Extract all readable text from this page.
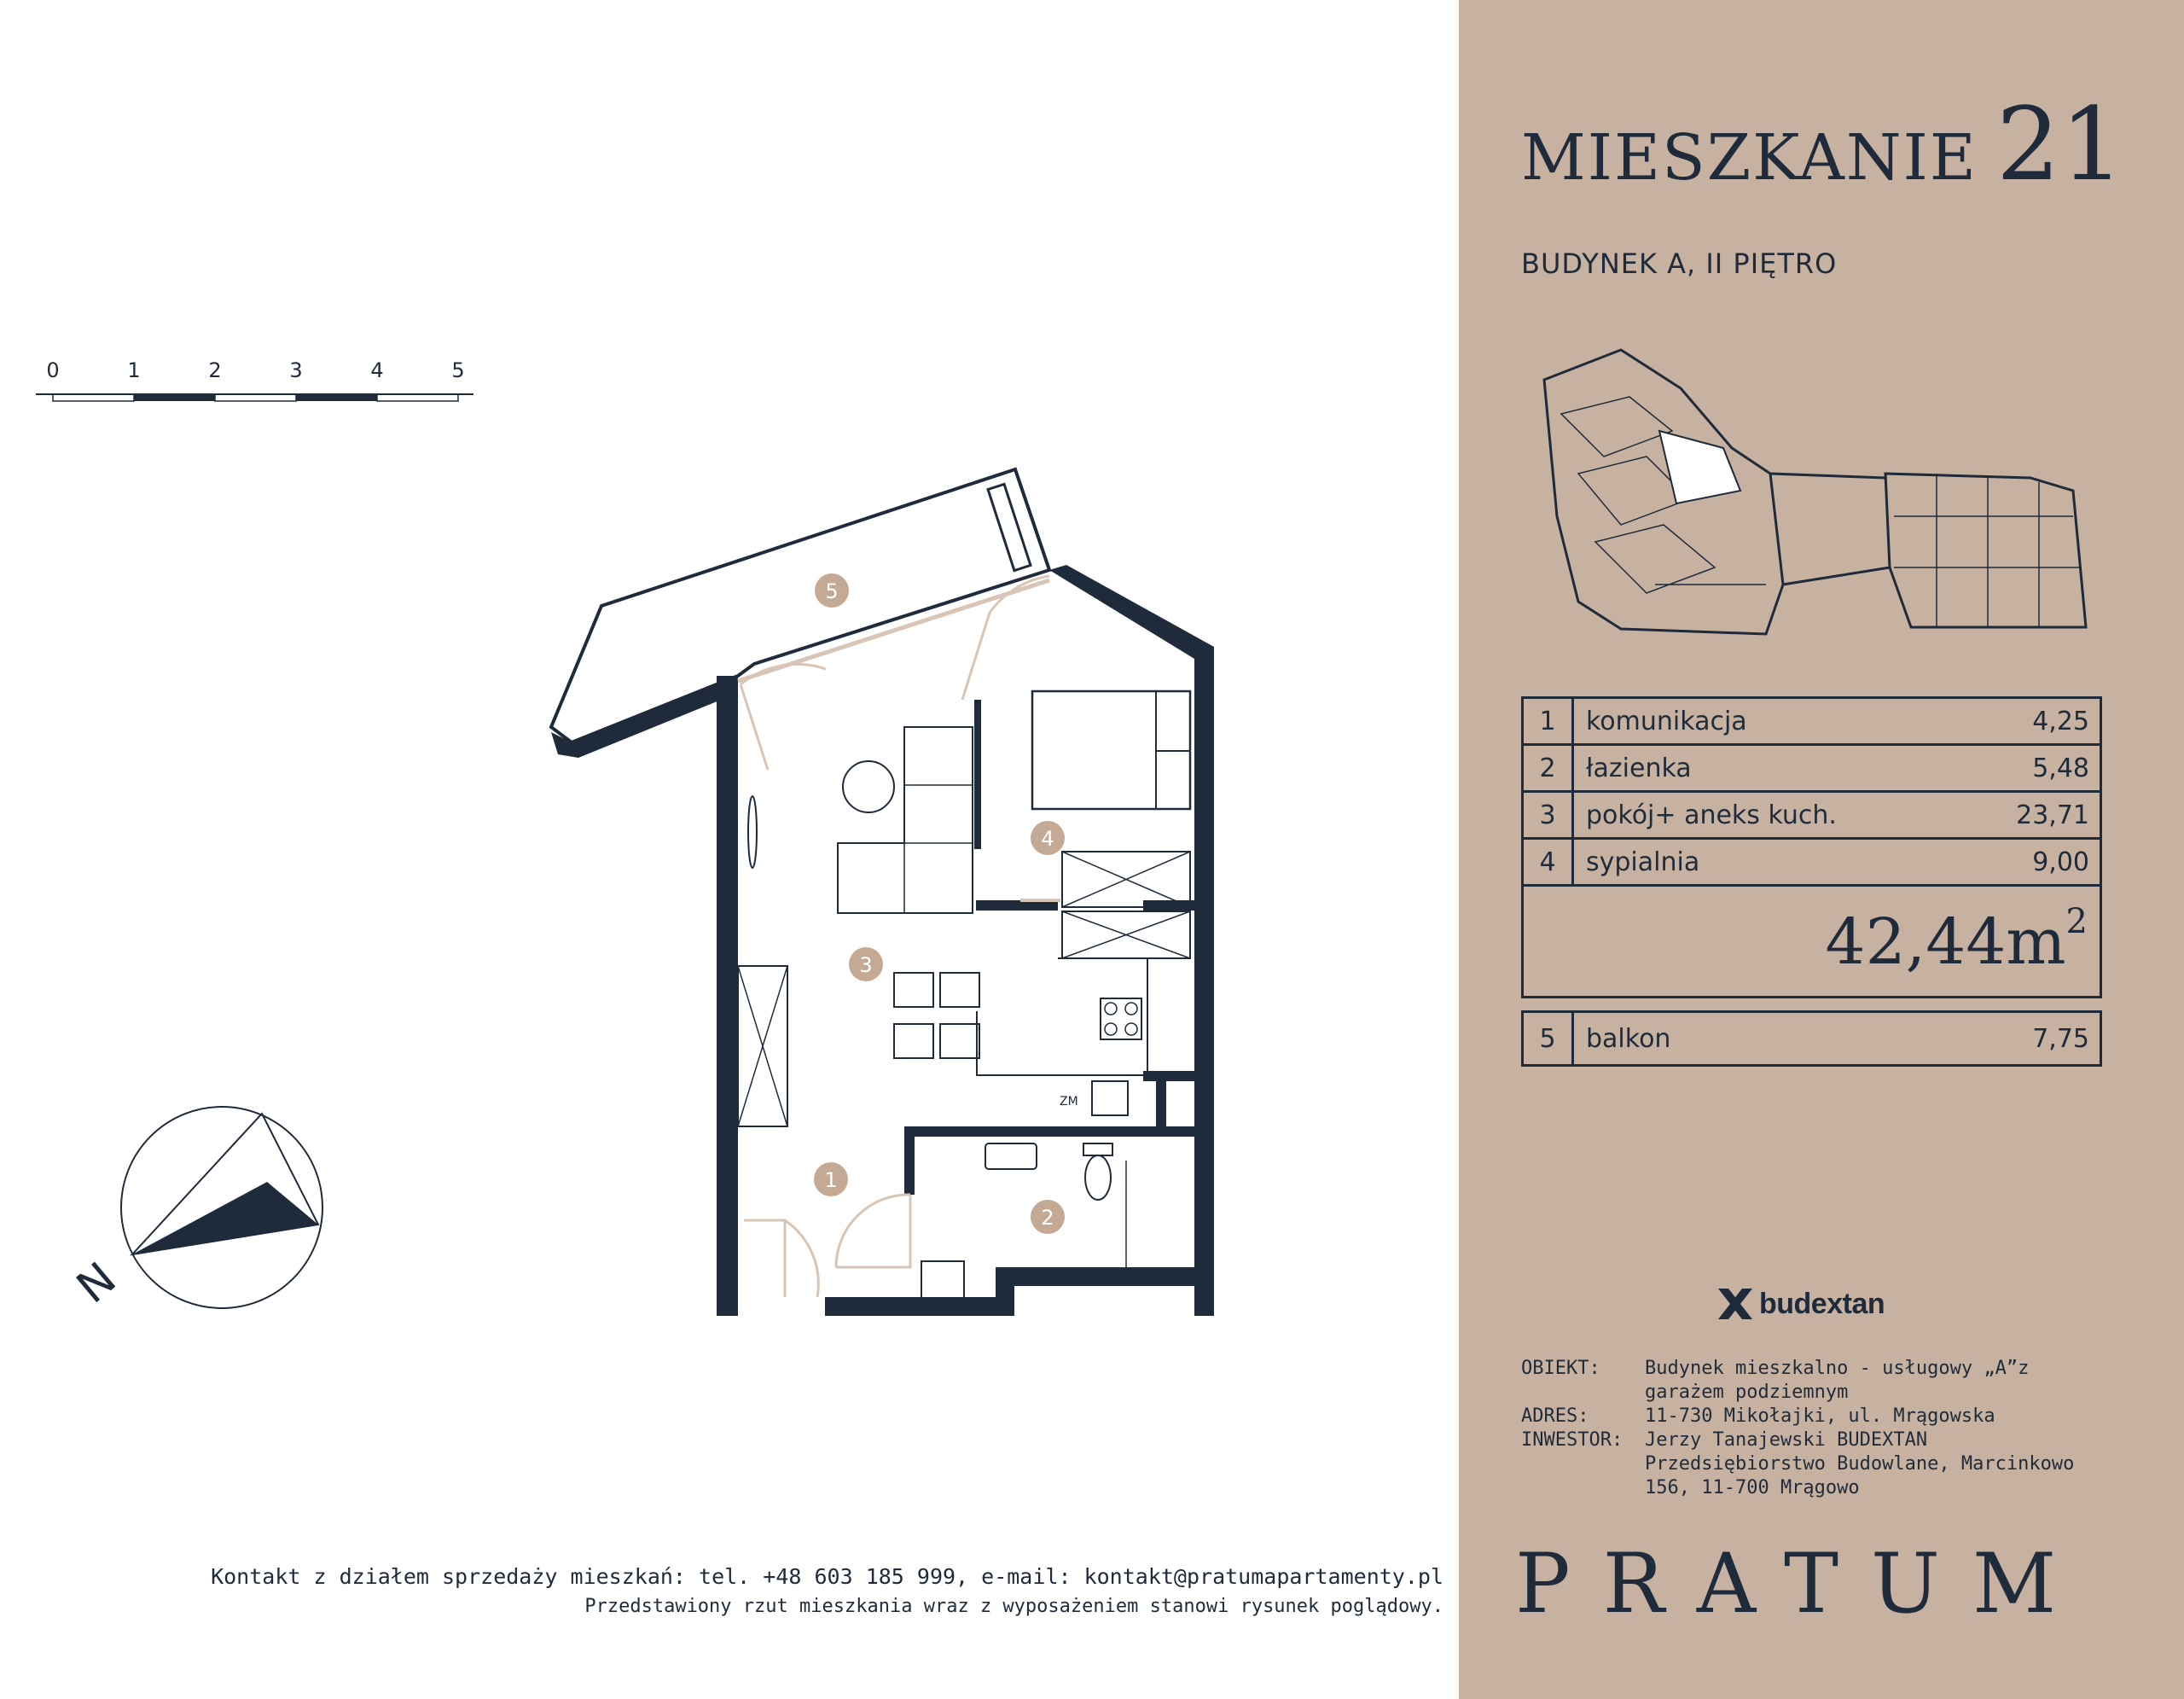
0	1	2	3	4	5
ZM
5
4
3
1
2
N
MIESZKANIE 21
BUDYNEK A, II PIĘTRO
1	komunikacja	4,25
2	łazienka	5,48
3	pokój+ aneks kuch.	23,71
4	sypialnia	9,00
$42,44m^2$
5	balkon	7,75
budextan
OBIEKT:	Budynek mieszkalno - usługowy „A”z garażem podziemnym
ADRES:	11-730 Mikołajki, ul. Mrągowska
INWESTOR:	Jerzy Tanajewski BUDEXTAN Przedsiębiorstwo Budowlane, Marcinkowo 156, 11-700 Mrągowo
PRATUM
Kontakt z działem sprzedaży mieszkań: tel. +48 603 185 999, e-mail: kontakt@pratumapartamenty.pl
Przedstawiony rzut mieszkania wraz z wyposażeniem stanowi rysunek poglądowy.
